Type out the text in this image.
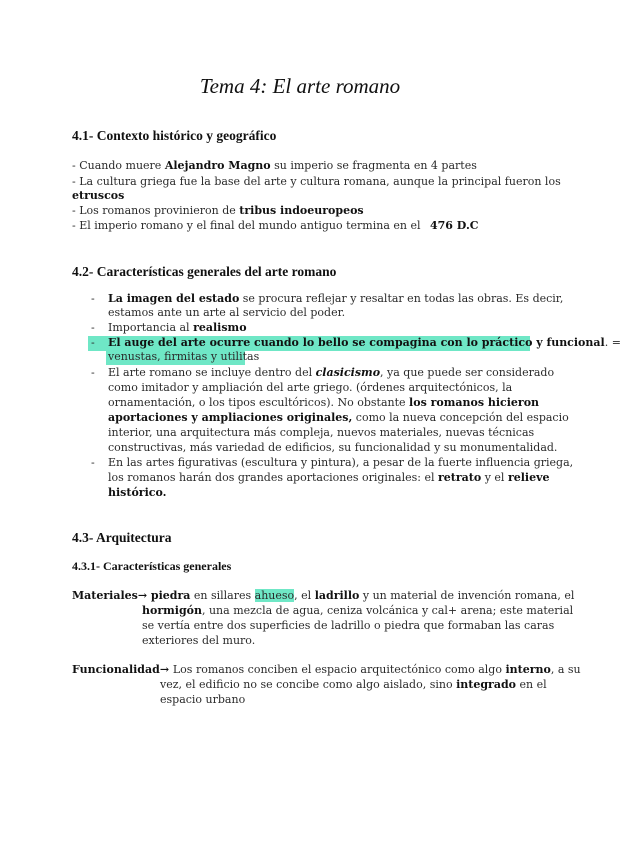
Tema 4: El arte romano
4.1- Contexto histórico y geográfico
- Cuando muere Alejandro Magno su imperio se fragmenta en 4 partes
- La cultura griega fue la base del arte y cultura romana, aunque la principal fueron los
etruscos
- Los romanos provinieron de tribus indoeuropeos
- El imperio romano y el final del mundo antiguo termina en el 476 D.C
4.2- Características generales del arte romano
- La imagen del estado se procura reflejar y resaltar en todas las obras. Es decir,
estamos ante un arte al servicio del poder.
- Importancia al realismo
- El auge del arte ocurre cuando lo bello se compagina con lo práctico y funcional. =
venustas, firmitas y utilitas
- El arte romano se incluye dentro del clasicismo, ya que puede ser considerado
como imitador y ampliación del arte griego. (órdenes arquitectónicos, la
ornamentación, o los tipos escultóricos). No obstante los romanos hicieron
aportaciones y ampliaciones originales, como la nueva concepción del espacio
interior, una arquitectura más compleja, nuevos materiales, nuevas técnicas
constructivas, más variedad de edificios, su funcionalidad y su monumentalidad.
- En las artes figurativas (escultura y pintura), a pesar de la fuerte influencia griega,
los romanos harán dos grandes aportaciones originales: el retrato y el relieve
histórico.
4.3- Arquitectura
4.3.1- Características generales
Materiales→ piedra en sillares ahueso, el ladrillo y un material de invención romana, el
hormigón, una mezcla de agua, ceniza volcánica y cal+ arena; este material
se vertía entre dos superficies de ladrillo o piedra que formaban las caras
exteriores del muro.
Funcionalidad→ Los romanos conciben el espacio arquitectónico como algo interno, a su
vez, el edificio no se concibe como algo aislado, sino integrado en el
espacio urbano
